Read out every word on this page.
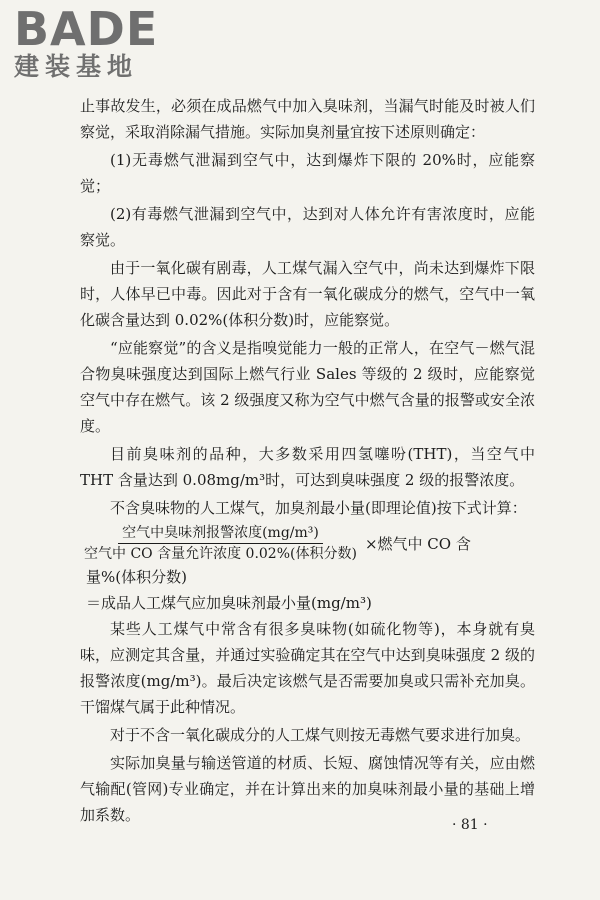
BADE
建装基地

止事故发生，必须在成品燃气中加入臭味剂，当漏气时能及时被人们察觉，采取消除漏气措施。实际加臭剂量宜按下述原则确定：

(1)无毒燃气泄漏到空气中，达到爆炸下限的 20%时，应能察觉；

(2)有毒燃气泄漏到空气中，达到对人体允许有害浓度时，应能察觉。

由于一氧化碳有剧毒，人工煤气漏入空气中，尚未达到爆炸下限时，人体早已中毒。因此对于含有一氧化碳成分的燃气，空气中一氧化碳含量达到 0.02%(体积分数)时，应能察觉。

“应能察觉”的含义是指嗅觉能力一般的正常人，在空气－燃气混合物臭味强度达到国际上燃气行业 Sales 等级的 2 级时，应能察觉空气中存在燃气。该 2 级强度又称为空气中燃气含量的报警或安全浓度。

目前臭味剂的品种，大多数采用四氢噻吩(THT)，当空气中 THT 含量达到 0.08mg/m³时，可达到臭味强度 2 级的报警浓度。

不含臭味物的人工煤气，加臭剂最小量(即理论值)按下式计算：

$\frac{\text{空气中臭味剂报警浓度(mg/m³)}}{\text{空气中 CO 含量允许浓度 0.02\%(体积分数)}}$ ×燃气中 CO 含
量%(体积分数)
＝成品人工煤气应加臭味剂最小量(mg/m³)

某些人工煤气中常含有很多臭味物(如硫化物等)，本身就有臭味，应测定其含量，并通过实验确定其在空气中达到臭味强度 2 级的报警浓度(mg/m³)。最后决定该燃气是否需要加臭或只需补充加臭。干馏煤气属于此种情况。

对于不含一氧化碳成分的人工煤气则按无毒燃气要求进行加臭。

实际加臭量与输送管道的材质、长短、腐蚀情况等有关，应由燃气输配(管网)专业确定，并在计算出来的加臭味剂最小量的基础上增加系数。

· 81 ·
